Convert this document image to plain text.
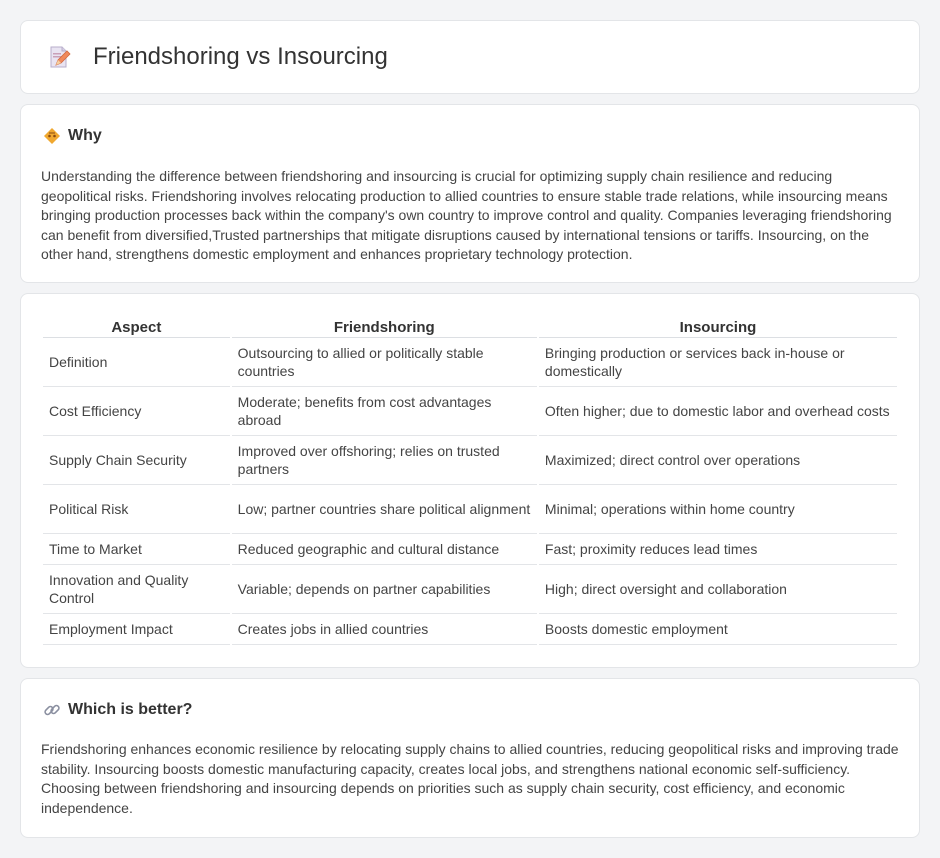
Friendshoring vs Insourcing
Why

Understanding the difference between friendshoring and insourcing is crucial for optimizing supply chain resilience and reducing geopolitical risks. Friendshoring involves relocating production to allied countries to ensure stable trade relations, while insourcing means bringing production processes back within the company's own country to improve control and quality. Companies leveraging friendshoring can benefit from diversified,Trusted partnerships that mitigate disruptions caused by international tensions or tariffs. Insourcing, on the other hand, strengthens domestic employment and enhances proprietary technology protection.

Aspect	Friendshoring	Insourcing
Definition	Outsourcing to allied or politically stable countries	Bringing production or services back in-house or domestically
Cost Efficiency	Moderate; benefits from cost advantages abroad	Often higher; due to domestic labor and overhead costs
Supply Chain Security	Improved over offshoring; relies on trusted partners	Maximized; direct control over operations
Political Risk	Low; partner countries share political alignment	Minimal; operations within home country
Time to Market	Reduced geographic and cultural distance	Fast; proximity reduces lead times
Innovation and Quality Control	Variable; depends on partner capabilities	High; direct oversight and collaboration
Employment Impact	Creates jobs in allied countries	Boosts domestic employment
Which is better?

Friendshoring enhances economic resilience by relocating supply chains to allied countries, reducing geopolitical risks and improving trade stability. Insourcing boosts domestic manufacturing capacity, creates local jobs, and strengthens national economic self-sufficiency. Choosing between friendshoring and insourcing depends on priorities such as supply chain security, cost efficiency, and economic independence.
